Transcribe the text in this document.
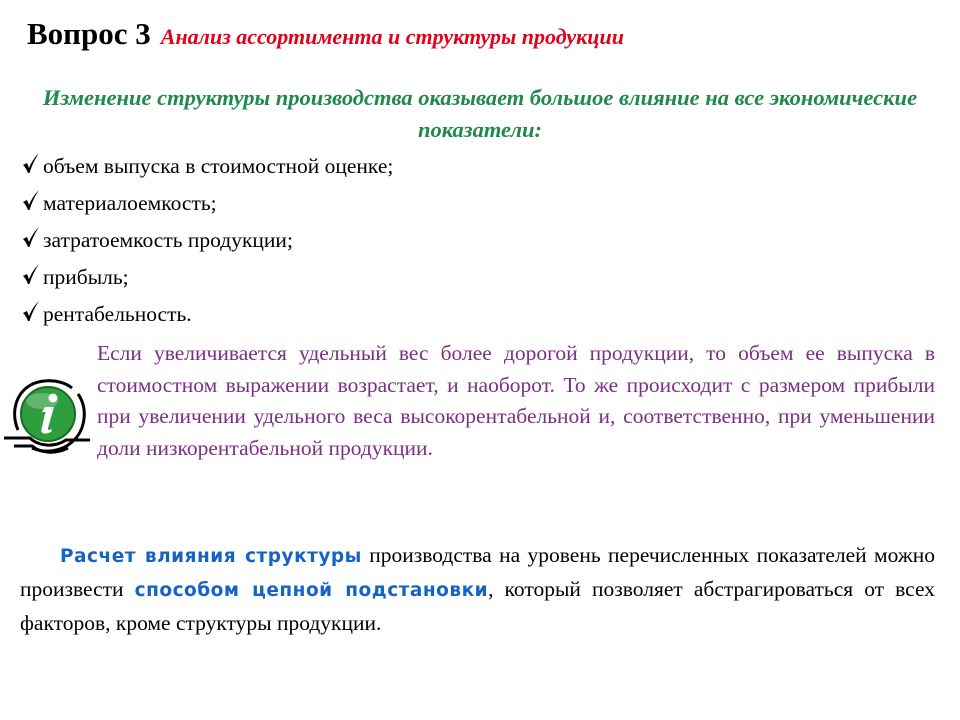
Вопрос 3 Анализ ассортимента и структуры продукции
Изменение структуры производства оказывает большое влияние на все экономические показатели:
объем выпуска в стоимостной оценке;
материалоемкость;
затратоемкость продукции;
прибыль;
рентабельность.
Если увеличивается удельный вес более дорогой продукции, то объем ее выпуска в стоимостном выражении возрастает, и наоборот. То же происходит с размером прибыли при увеличении удельного веса высокорентабельной и, соответственно, при уменьшении доли низкорентабельной продукции.
Расчет влияния структуры производства на уровень перечисленных показателей можно произвести способом цепной подстановки, который позволяет абстрагироваться от всех факторов, кроме структуры продукции.
